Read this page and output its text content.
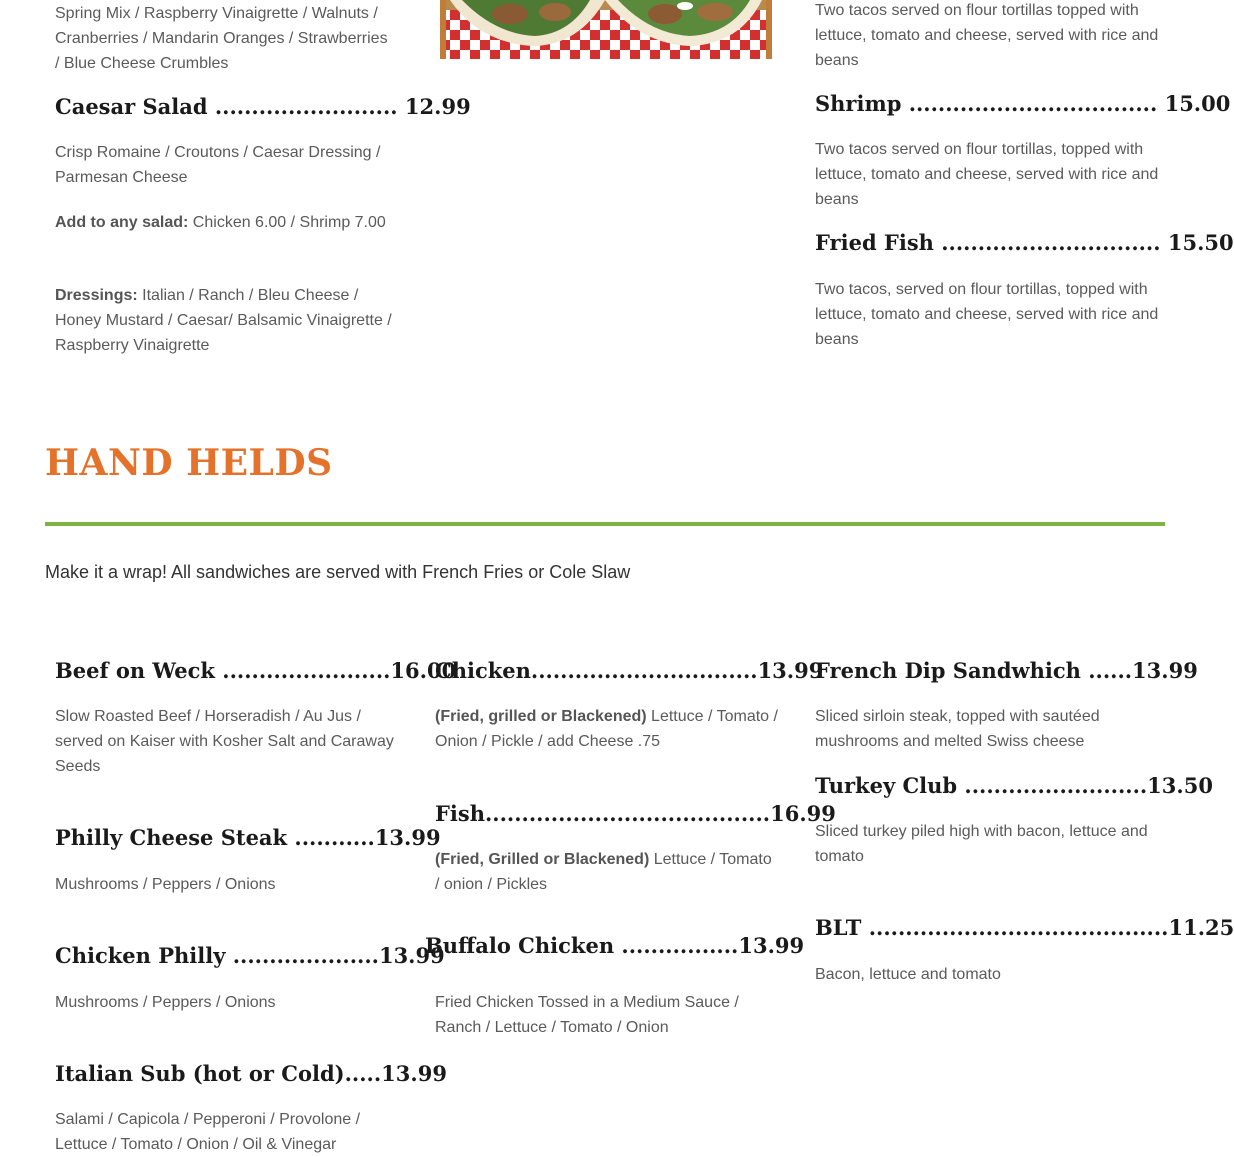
Spring Mix / Raspberry Vinaigrette / Walnuts / Cranberries / Mandarin Oranges / Strawberries / Blue Cheese Crumbles
Caesar Salad ......................... 12.99
Crisp Romaine / Croutons / Caesar Dressing / Parmesan Cheese
Add to any salad: Chicken 6.00 / Shrimp 7.00
Dressings: Italian / Ranch / Bleu Cheese / Honey Mustard / Caesar/ Balsamic Vinaigrette / Raspberry Vinaigrette
Two tacos served on flour tortillas topped with lettuce, tomato and cheese, served with rice and beans
Shrimp .................................. 15.00
Two tacos served on flour tortillas, topped with lettuce, tomato and cheese, served with rice and beans
Fried Fish .............................. 15.50
Two tacos, served on flour tortillas, topped with lettuce, tomato and cheese, served with rice and beans
HAND HELDS
Make it a wrap! All sandwiches are served with French Fries or Cole Slaw
Beef on Weck .......................16.00
Slow Roasted Beef / Horseradish / Au Jus / served on Kaiser with Kosher Salt and Caraway Seeds
Philly Cheese Steak ...........13.99
Mushrooms / Peppers / Onions
Chicken Philly ....................13.99
Mushrooms / Peppers / Onions
Italian Sub (hot or Cold).....13.99
Salami / Capicola / Pepperoni / Provolone / Lettuce / Tomato / Onion / Oil & Vinegar
Chicken...............................13.99
(Fried, grilled or Blackened) Lettuce / Tomato / Onion / Pickle / add Cheese .75
Fish.......................................16.99
(Fried, Grilled or Blackened) Lettuce / Tomato / onion / Pickles
Buffalo Chicken ................13.99
Fried Chicken Tossed in a Medium Sauce / Ranch / Lettuce / Tomato / Onion
French Dip Sandwhich ......13.99
Sliced sirloin steak, topped with sautéed mushrooms and melted Swiss cheese
Turkey Club .........................13.50
Sliced turkey piled high with bacon, lettuce and tomato
BLT .........................................11.25
Bacon, lettuce and tomato
